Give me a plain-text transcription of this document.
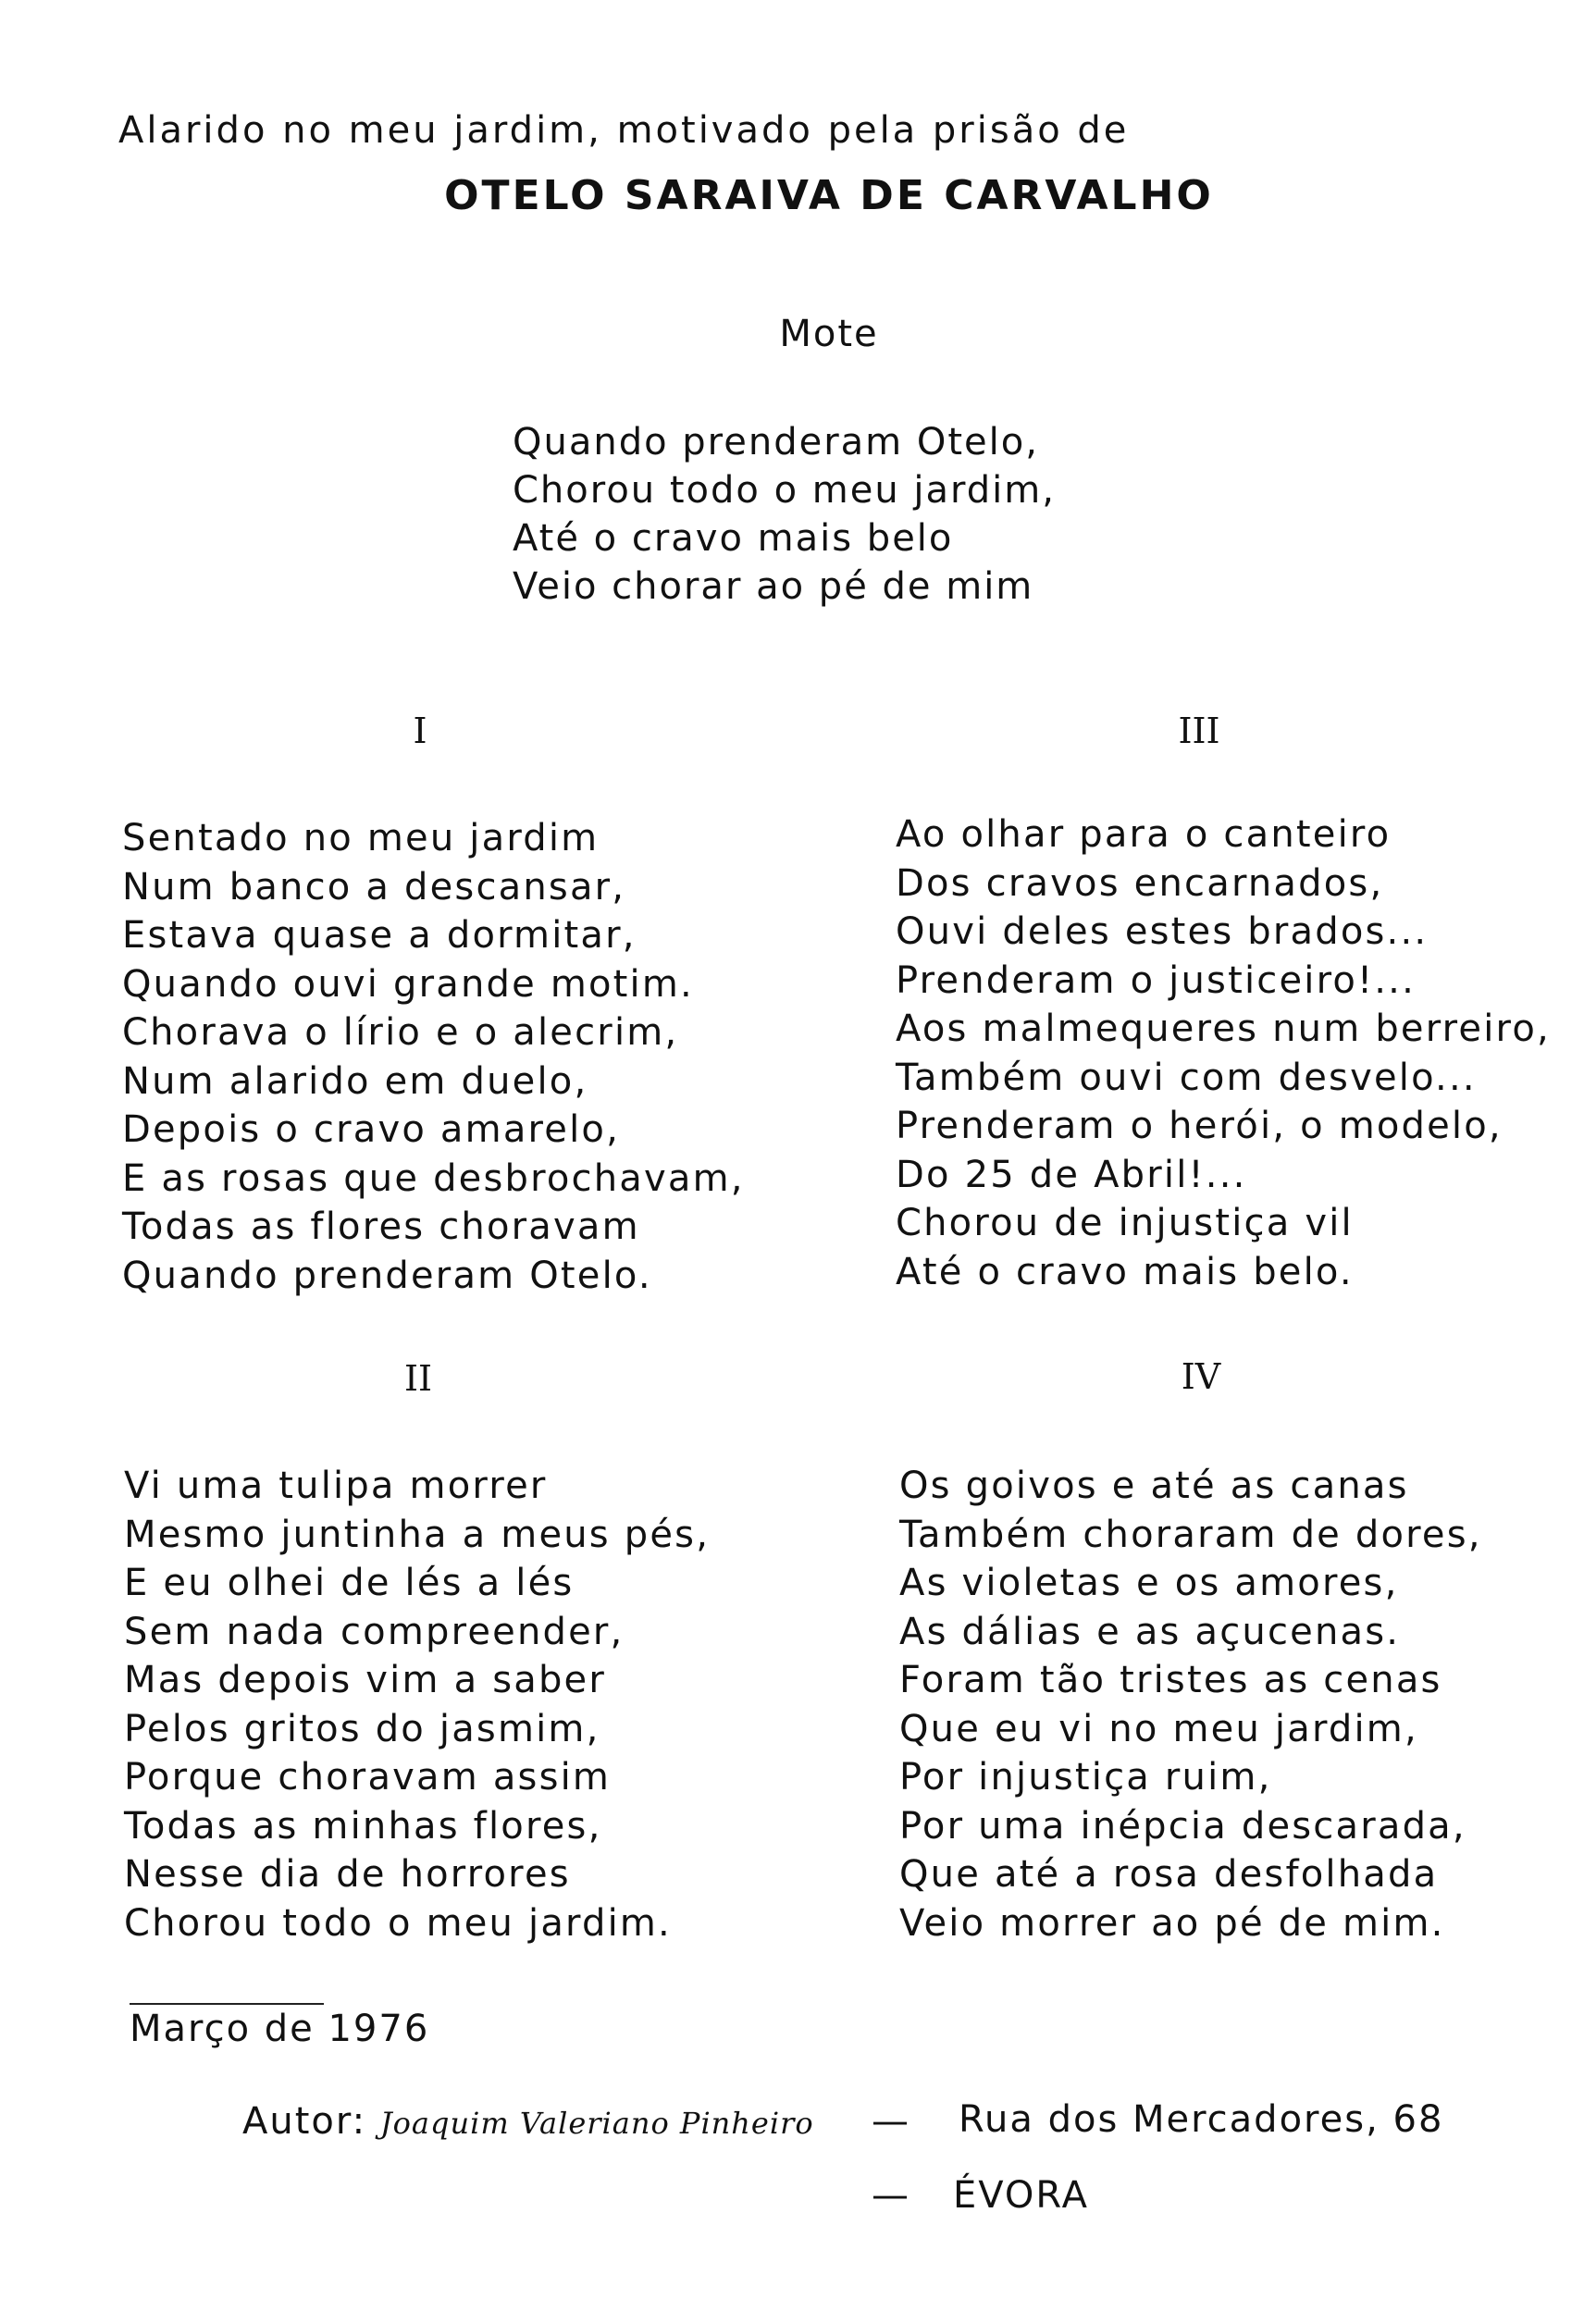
Alarido no meu jardim, motivado pela prisão de
OTELO SARAIVA DE CARVALHO
Mote
Quando prenderam Otelo,
Chorou todo o meu jardim,
Até o cravo mais belo
Veio chorar ao pé de mim
I
Sentado no meu jardim
Num banco a descansar,
Estava quase a dormitar,
Quando ouvi grande motim.
Chorava o lírio e o alecrim,
Num alarido em duelo,
Depois o cravo amarelo,
E as rosas que desbrochavam,
Todas as flores choravam
Quando prenderam Otelo.
II
Vi uma tulipa morrer
Mesmo juntinha a meus pés,
E eu olhei de lés a lés
Sem nada compreender,
Mas depois vim a saber
Pelos gritos do jasmim,
Porque choravam assim
Todas as minhas flores,
Nesse dia de horrores
Chorou todo o meu jardim.
III
Ao olhar para o canteiro
Dos cravos encarnados,
Ouvi deles estes brados...
Prenderam o justiceiro!...
Aos malmequeres num berreiro,
Também ouvi com desvelo...
Prenderam o herói, o modelo,
Do 25 de Abril!...
Chorou de injustiça vil
Até o cravo mais belo.
IV
Os goivos e até as canas
Também choraram de dores,
As violetas e os amores,
As dálias e as açucenas.
Foram tão tristes as cenas
Que eu vi no meu jardim,
Por injustiça ruim,
Por uma inépcia descarada,
Que até a rosa desfolhada
Veio morrer ao pé de mim.
Março de 1976
Autor: Joaquim Valeriano Pinheiro — Rua dos Mercadores, 68
— ÉVORA
